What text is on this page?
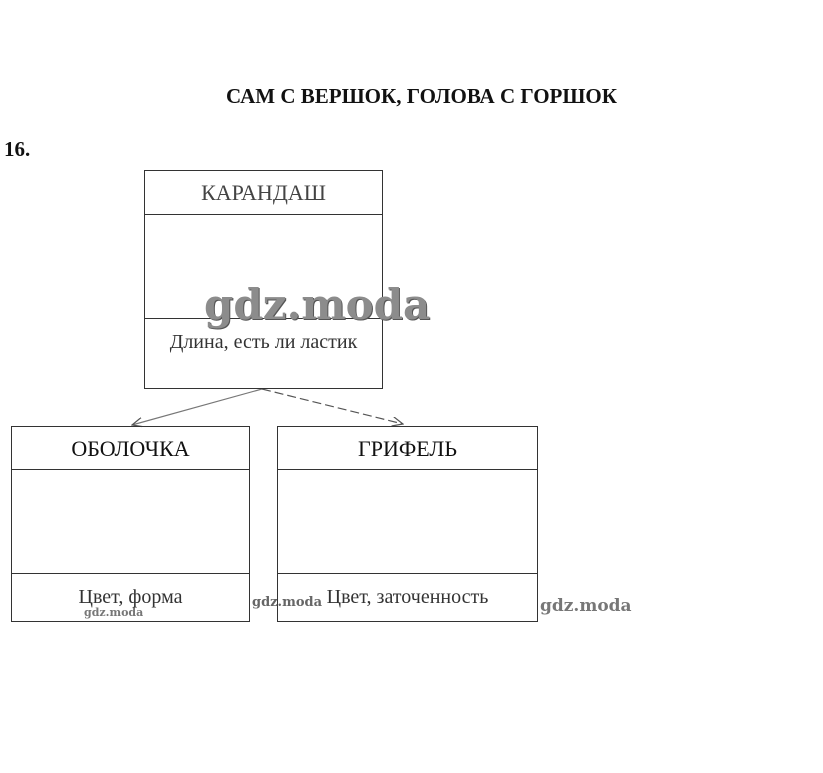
САМ С ВЕРШОК, ГОЛОВА С ГОРШОК
16.
КАРАНДАШ
Длина, есть ли ластик
ОБОЛОЧКА
Цвет, форма
ГРИФЕЛЬ
Цвет, заточенность
gdz.moda
gdz.moda
gdz.moda	gdz.moda
